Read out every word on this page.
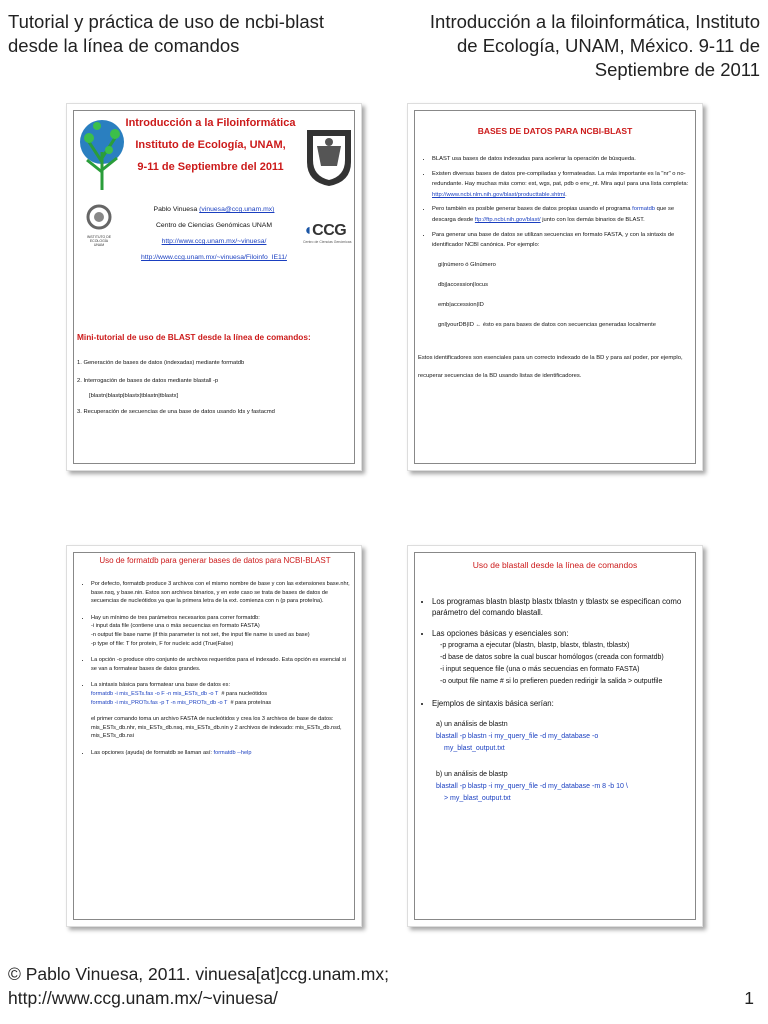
Tutorial y práctica de uso de ncbi-blast desde la línea de comandos
Introducción a la filoinformática, Instituto de Ecología, UNAM, México. 9-11 de Septiembre de 2011
Introducción a la Filoinformática
Instituto de Ecología, UNAM,
9-11 de Septiembre del 2011
Pablo Vinuesa (vinuesa@ccg.unam.mx)
Centro de Ciencias Genómicas UNAM
http://www.ccg.unam.mx/~vinuesa/
http://www.ccg.unam.mx/~vinuesa/Filoinfo_IE11/
INSTITUTO DE ECOLOGÍA
UNAM
◖CCG
Centro de Ciencias Genómicas
Mini-tutorial de uso de BLAST desde la línea de comandos:
1. Generación de bases de datos (indexadas) mediante formatdb
2. Interrogación de bases de datos mediante blastall -p
[blastn|blastp|blastx|tblastn|tblastx]
3. Recuperación de secuencias de una base de datos usando Ids y fastacmd
BASES DE DATOS PARA NCBI-BLAST
• BLAST usa bases de datos indexadas para acelerar la operación de búsqueda.
• Existen diversas bases de datos pre-compiladas y formateadas. La más importante es la "nr" o no-redundante. Hay muchas más como: est, wgs, pat, pdb o env_nt. Mira aquí para una lista completa: http://www.ncbi.nlm.nih.gov/blast/producttable.shtml.
• Pero también es posible generar bases de datos propias usando el programa formatdb que se descarga desde ftp://ftp.ncbi.nih.gov/blast/ junto con los demás binarios de BLAST.
• Para generar una base de datos se utilizan secuencias en formato FASTA, y con la sintaxis de identificador NCBI canónica. Por ejemplo:
gi|número ó GInúmero
dbj|accession|locus
emb|accession|ID
gnl|yourDB|ID ← ésto es para bases de datos con secuencias generadas localmente
Estos identificadores son esenciales para un correcto indexado de la BD y para así poder, por ejemplo, recuperar secuencias de la BD usando listas de identificadores.
Uso de formatdb para generar bases de datos para NCBI-BLAST
• Por defecto, formatdb produce 3 archivos con el mismo nombre de base y con las extensiones base.nhr, base.nsq, y base.nin. Estos son archivos binarios, y en este caso se trata de bases de datos de secuencias de nucleótidos ya que la primera letra de la ext. comienza con n (p para proteína).
• Hay un mínimo de tres parámetros necesarios para correr formatdb:
-i input data file (contiene una o más secuencias en formato FASTA)
-n output file base name (if this parameter is not set, the input file name is used as base)
-p type of file: T for protein, F for nucleic acid (True|False)
• La opción -o produce otro conjunto de archivos requeridos para el indexado. Esta opción es esencial si se van a formatear bases de datos grandes.
• La sintaxis básica para formatear una base de datos es:
formatdb -i mis_ESTs.fas -o F -n mis_ESTs_db -o T # para nucleótidos
formatdb -i mis_PROTs.fas -p T -n mis_PROTs_db -o T # para proteínas
el primer comando toma un archivo FASTA de nucleótidos y crea los 3 archivos de base de datos: mis_ESTs_db.nhr, mis_ESTs_db.nsq, mis_ESTs_db.nin y 2 archivos de indexado: mis_ESTs_db.nsd, mis_ESTs_db.nsi
• Las opciones (ayuda) de formatdb se llaman así: formatdb --help
Uso de blastall desde la línea de comandos
• Los programas blastn blastp blastx tblastn y tblastx se especifican como parámetro del comando blastall.
• Las opciones básicas y esenciales son:
-p programa a ejecutar (blastn, blastp, blastx, tblastn, tblastx)
-d base de datos sobre la cual buscar homólogos (creada con formatdb)
-i input sequence file (una o más secuencias en formato FASTA)
-o output file name # si lo prefieren pueden redirigir la salida > outputfile
• Ejemplos de sintaxis básica serían:
a) un análisis de blastn
blastall -p blastn -i my_query_file -d my_database -o
my_blast_output.txt
b) un análisis de blastp
blastall -p blastp -i my_query_file -d my_database -m 8 -b 10 \
> my_blast_output.txt
© Pablo Vinuesa, 2011. vinuesa[at]ccg.unam.mx; http://www.ccg.unam.mx/~vinuesa/	1
